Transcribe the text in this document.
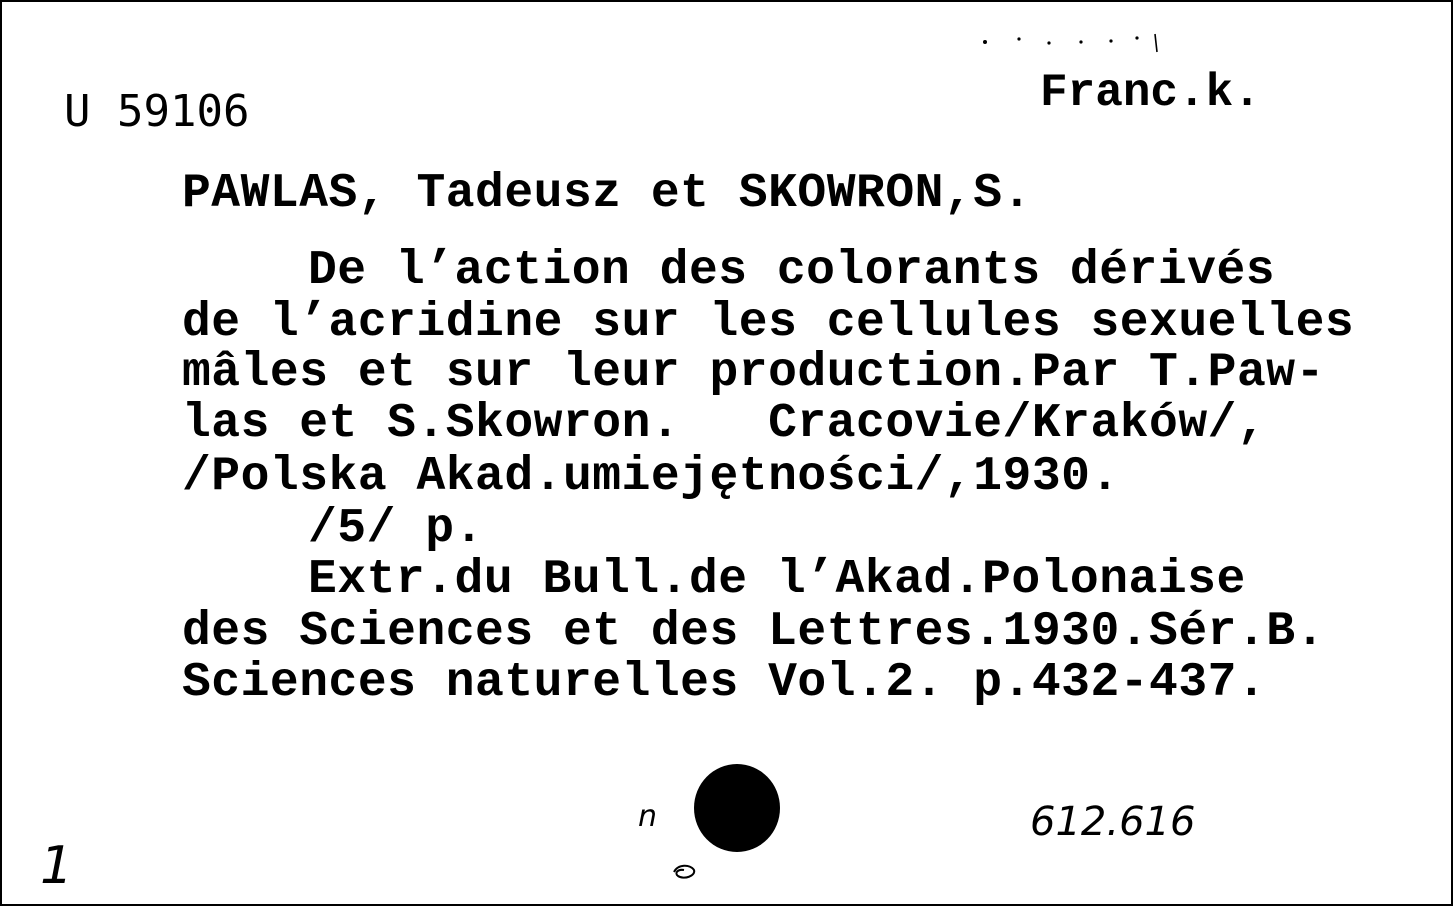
U 59106	Franc.k.
PAWLAS, Tadeusz et SKOWRON,S.
De l’action des colorants dérivés
de l’acridine sur les cellules sexuelles
mâles et sur leur production.Par T.Paw-
las et S.Skowron.   Cracovie/Kraków/,
/Polska Akad.umiejętności/,1930.
/5/ p.
Extr.du Bull.de l’Akad.Polonaise
des Sciences et des Lettres.1930.Sér.B.
Sciences naturelles Vol.2. p.432-437.
n	612.616
1
